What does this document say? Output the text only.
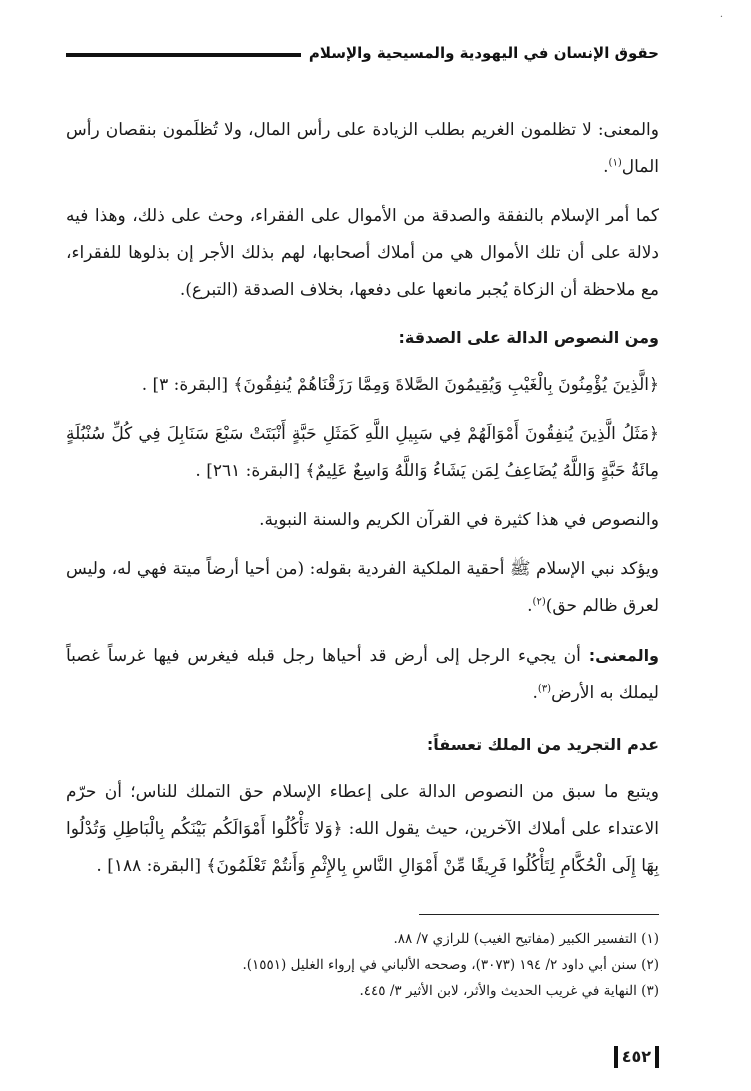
·
حقوق الإنسان في اليهودية والمسيحية والإسلام

والمعنى: لا تظلمون الغريم بطلب الزيادة على رأس المال، ولا تُظلَمون بنقصان رأس المال$^{(١)}$.

كما أمر الإسلام بالنفقة والصدقة من الأموال على الفقراء، وحث على ذلك، وهذا فيه دلالة على أن تلك الأموال هي من أملاك أصحابها، لهم بذلك الأجر إن بذلوها للفقراء، مع ملاحظة أن الزكاة يُجبر مانعها على دفعها، بخلاف الصدقة (التبرع).

ومن النصوص الدالة على الصدقة:

﴿الَّذِينَ يُؤْمِنُونَ بِالْغَيْبِ وَيُقِيمُونَ الصَّلاةَ وَمِمَّا رَزَقْنَاهُمْ يُنفِقُونَ﴾ [البقرة: ٣] .

﴿مَثَلُ الَّذِينَ يُنفِقُونَ أَمْوَالَهُمْ فِي سَبِيلِ اللَّهِ كَمَثَلِ حَبَّةٍ أَنْبَتَتْ سَبْعَ سَنَابِلَ فِي كُلِّ سُنْبُلَةٍ مِائَةُ حَبَّةٍ وَاللَّهُ يُضَاعِفُ لِمَن يَشَاءُ وَاللَّهُ وَاسِعٌ عَلِيمٌ﴾ [البقرة: ٢٦١] .

والنصوص في هذا كثيرة في القرآن الكريم والسنة النبوية.

ويؤكد نبي الإسلام ﷺ أحقية الملكية الفردية بقوله: (من أحيا أرضاً ميتة فهي له، وليس لعرق ظالم حق)$^{(٢)}$.

والمعنى: أن يجيء الرجل إلى أرض قد أحياها رجل قبله فيغرس فيها غرساً غصباً ليملك به الأرض$^{(٣)}$.

عدم التجريد من الملك تعسفاً:

ويتبع ما سبق من النصوص الدالة على إعطاء الإسلام حق التملك للناس؛ أن حرّم الاعتداء على أملاك الآخرين، حيث يقول الله: ﴿وَلا تَأْكُلُوا أَمْوَالَكُم بَيْنَكُم بِالْبَاطِلِ وَتُدْلُوا بِهَا إِلَى الْحُكَّامِ لِتَأْكُلُوا فَرِيقًا مِّنْ أَمْوَالِ النَّاسِ بِالإِثْمِ وَأَنتُمْ تَعْلَمُونَ﴾ [البقرة: ١٨٨] .

(١) التفسير الكبير (مفاتيح الغيب) للرازي ٧/ ٨٨.
(٢) سنن أبي داود ٢/ ١٩٤ (٣٠٧٣)، وصححه الألباني في إرواء الغليل (١٥٥١).
(٣) النهاية في غريب الحديث والأثر، لابن الأثير ٣/ ٤٤٥.
٤٥٢
